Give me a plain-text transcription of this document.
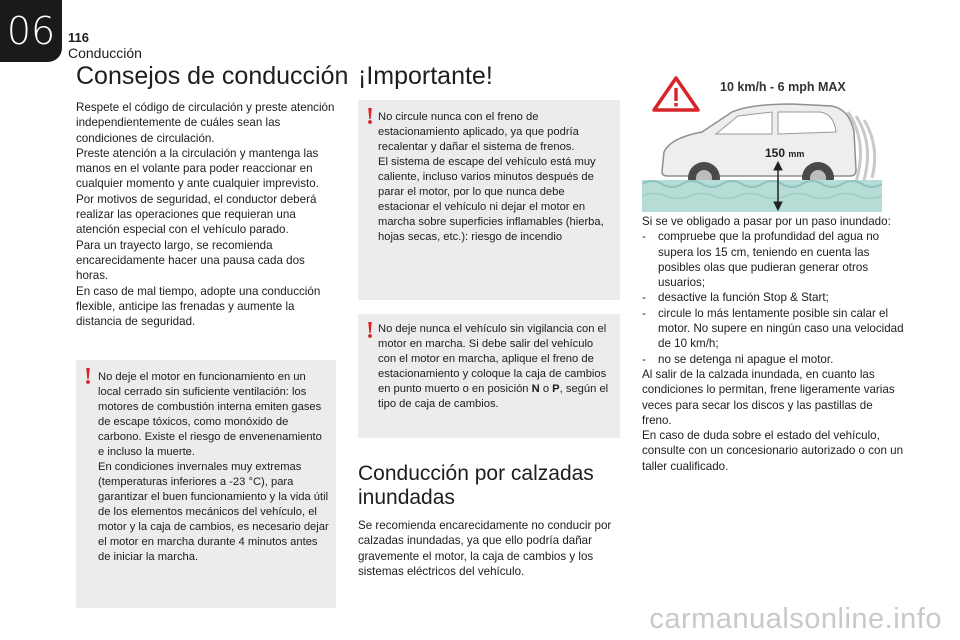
06 116
Conducción
Consejos de conducción

Respete el código de circulación y preste atención independientemente de cuáles sean las condiciones de circulación.

Preste atención a la circulación y mantenga las manos en el volante para poder reaccionar en cualquier momento y ante cualquier imprevisto.

Por motivos de seguridad, el conductor deberá realizar las operaciones que requieran una atención especial con el vehículo parado.

Para un trayecto largo, se recomienda encarecidamente hacer una pausa cada dos horas.

En caso de mal tiempo, adopte una conducción flexible, anticipe las frenadas y aumente la distancia de seguridad.

! No deje el motor en funcionamiento en un local cerrado sin suficiente ventilación: los motores de combustión interna emiten gases de escape tóxicos, como monóxido de carbono. Existe el riesgo de envenenamiento e incluso la muerte.

En condiciones invernales muy extremas (temperaturas inferiores a -23 °C), para garantizar el buen funcionamiento y la vida útil de los elementos mecánicos del vehículo, el motor y la caja de cambios, es necesario dejar el motor en marcha durante 4 minutos antes de iniciar la marcha.

¡Importante!
! No circule nunca con el freno de estacionamiento aplicado, ya que podría recalentar y dañar el sistema de frenos.

El sistema de escape del vehículo está muy caliente, incluso varios minutos después de parar el motor, por lo que nunca debe estacionar el vehículo ni dejar el motor en marcha sobre superficies inflamables (hierba, hojas secas, etc.): riesgo de incendio

! No deje nunca el vehículo sin vigilancia con el motor en marcha. Si debe salir del vehículo con el motor en marcha, aplique el freno de estacionamiento y coloque la caja de cambios en punto muerto o en posición N o P, según el tipo de caja de cambios.

Conducción por calzadas inundadas

Se recomienda encarecidamente no conducir por calzadas inundadas, ya que ello podría dañar gravemente el motor, la caja de cambios y los sistemas eléctricos del vehículo.

10 km/h - 6 mph MAX
150 mm

Si se ve obligado a pasar por un paso inundado:

-	compruebe que la profundidad del agua no supera los 15 cm, teniendo en cuenta las posibles olas que pudieran generar otros usuarios;
-	desactive la función Stop & Start;
-	circule lo más lentamente posible sin calar el motor. No supere en ningún caso una velocidad de 10 km/h;
-	no se detenga ni apague el motor.

Al salir de la calzada inundada, en cuanto las condiciones lo permitan, frene ligeramente varias veces para secar los discos y las pastillas de freno.

En caso de duda sobre el estado del vehículo, consulte con un concesionario autorizado o con un taller cualificado.

carmanualsonline.info
